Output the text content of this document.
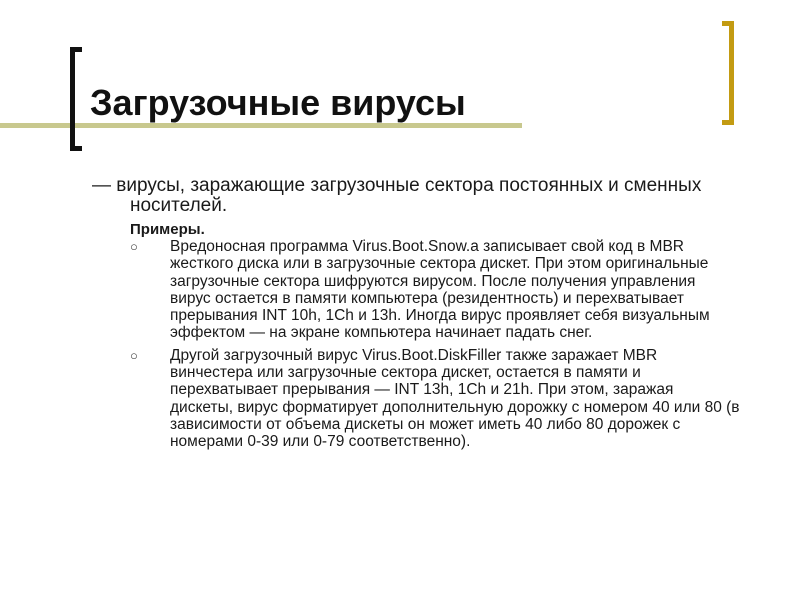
Загрузочные вирусы

— вирусы, заражающие загрузочные сектора постоянных и сменных
носителей.

Примеры.

○ Вредоносная программа Virus.Boot.Snow.a записывает свой код в MBR жесткого диска или в загрузочные сектора дискет. При этом оригинальные загрузочные сектора шифруются вирусом. После получения управления вирус остается в памяти компьютера (резидентность) и перехватывает прерывания INT 10h, 1Ch и 13h. Иногда вирус проявляет себя визуальным эффектом — на экране компьютера начинает падать снег.
○ Другой загрузочный вирус Virus.Boot.DiskFiller также заражает MBR винчестера или загрузочные сектора дискет, остается в памяти и перехватывает прерывания — INT 13h, 1Ch и 21h. При этом, заражая дискеты, вирус форматирует дополнительную дорожку с номером 40 или 80 (в зависимости от объема дискеты он может иметь 40 либо 80 дорожек с номерами 0-39 или 0-79 соответственно).
